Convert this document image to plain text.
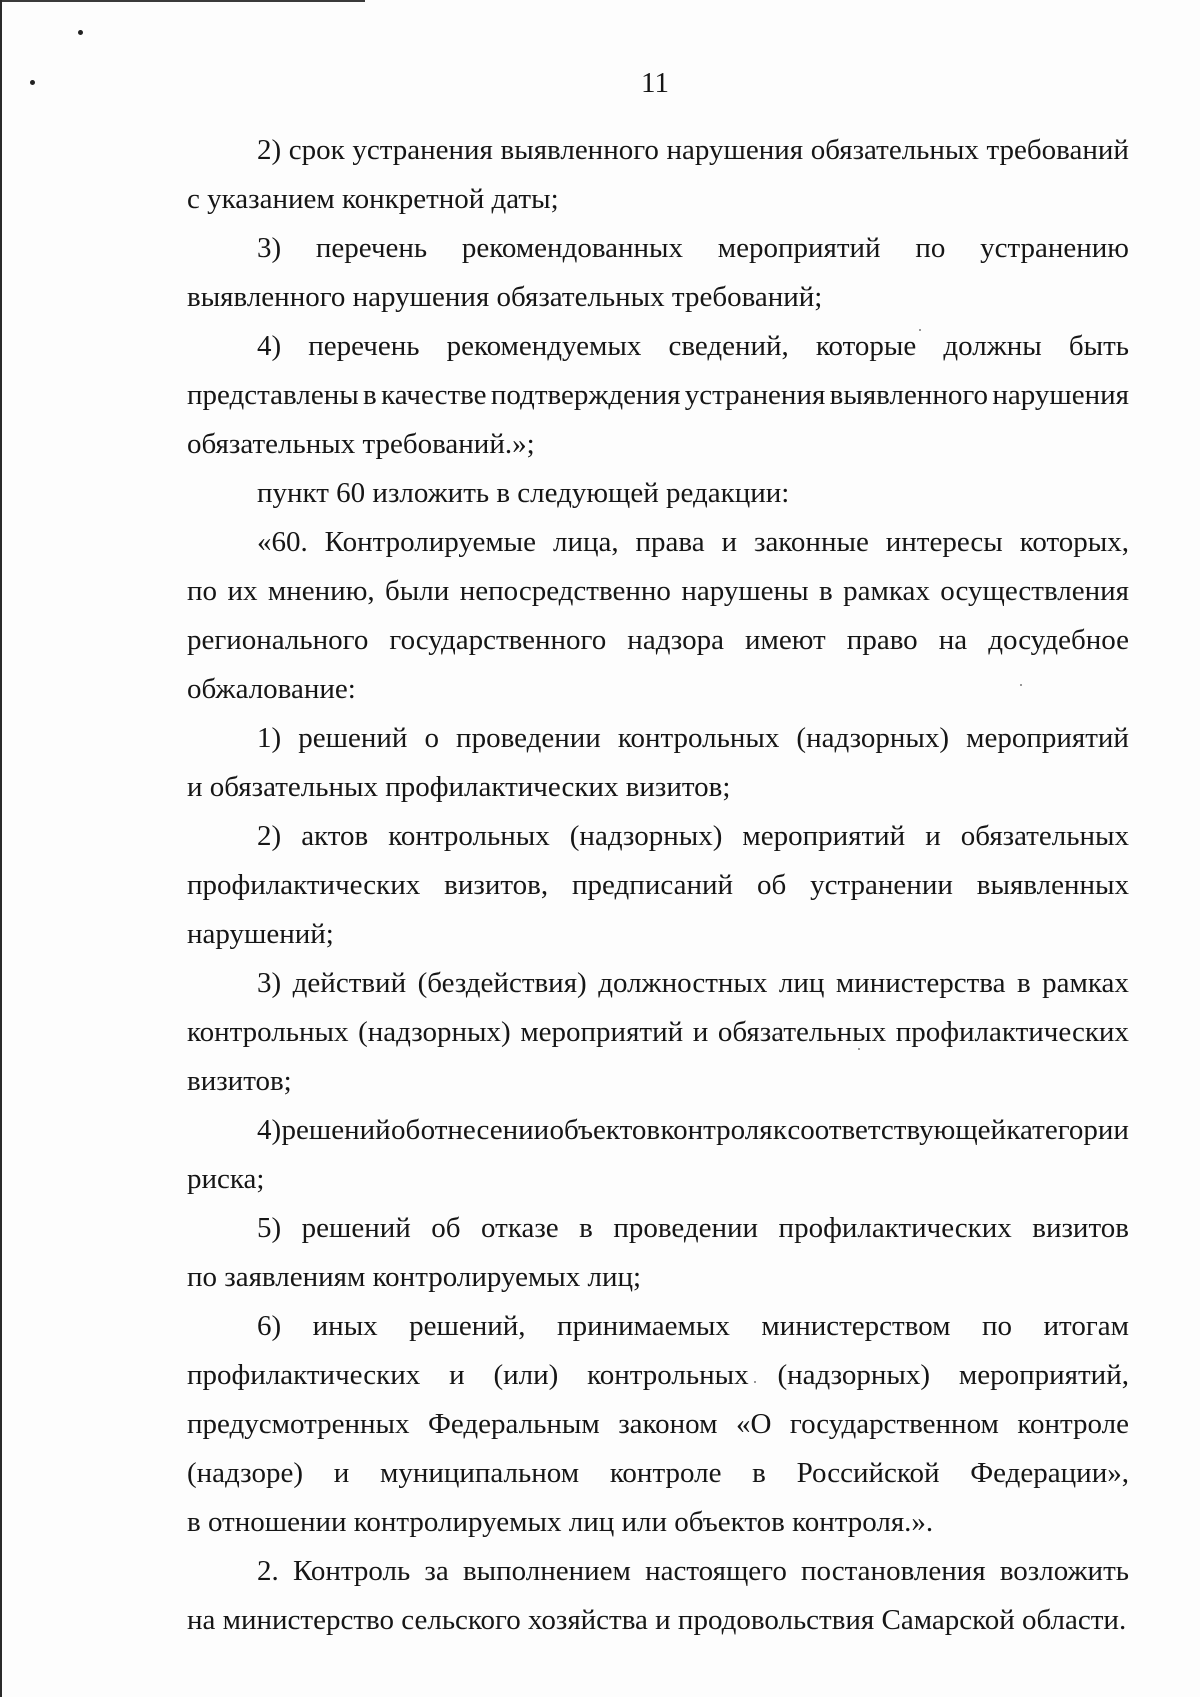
11
2) срок устранения выявленного нарушения обязательных требований
с указанием конкретной даты;
3) перечень рекомендованных мероприятий по устранению
выявленного нарушения обязательных требований;
4) перечень рекомендуемых сведений, которые должны быть
представлены в качестве подтверждения устранения выявленного нарушения
обязательных требований.»;
пункт 60 изложить в следующей редакции:
«60. Контролируемые лица, права и законные интересы которых,
по их мнению, были непосредственно нарушены в рамках осуществления
регионального государственного надзора имеют право на досудебное
обжалование:
1) решений о проведении контрольных (надзорных) мероприятий
и обязательных профилактических визитов;
2) актов контрольных (надзорных) мероприятий и обязательных
профилактических визитов, предписаний об устранении выявленных нарушений;
3) действий (бездействия) должностных лиц министерства в рамках
контрольных (надзорных) мероприятий и обязательных профилактических
визитов;
4) решений об отнесении объектов контроля к соответствующей категории
риска;
5) решений об отказе в проведении профилактических визитов
по заявлениям контролируемых лиц;
6) иных решений, принимаемых министерством по итогам
профилактических и (или) контрольных (надзорных) мероприятий,
предусмотренных Федеральным законом «О государственном контроле
(надзоре) и муниципальном контроле в Российской Федерации»,
в отношении контролируемых лиц или объектов контроля.».
2. Контроль за выполнением настоящего постановления возложить
на министерство сельского хозяйства и продовольствия Самарской области.
